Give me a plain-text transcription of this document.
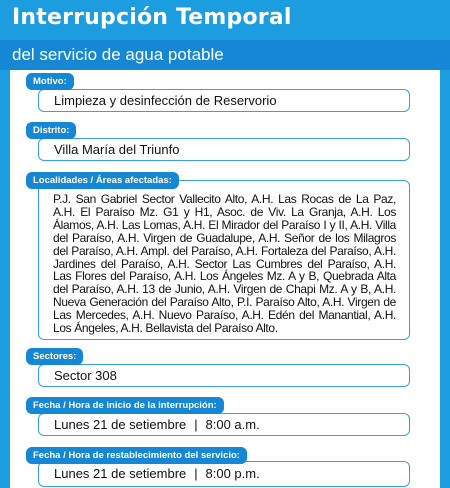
Interrupción Temporal
del servicio de agua potable
Motivo:
Limpieza y desinfección de Reservorio
Distrito:
Villa María del Triunfo
Localidades / Áreas afectadas:
P.J. San Gabriel Sector Vallecito Alto, A.H. Las Rocas de La Paz, A.H. El Paraíso Mz. G1 y H1, Asoc. de Viv. La Granja, A.H. Los Álamos, A.H. Las Lomas, A.H. El Mirador del Paraíso I y II, A.H. Villa del Paraíso, A.H. Virgen de Guadalupe, A.H. Señor de los Milagros del Paraíso, A.H. Ampl. del Paraíso, A.H. Fortaleza del Paraíso, A.H. Jardines del Paraíso, A.H. Sector Las Cumbres del Paraíso, A.H. Las Flores del Paraíso, A.H. Los Ángeles Mz. A y B, Quebrada Alta del Paraíso, A.H. 13 de Junio, A.H. Virgen de Chapi Mz. A y B, A.H. Nueva Generación del Paraíso Alto, P.I. Paraíso Alto, A.H. Virgen de Las Mercedes, A.H. Nuevo Paraíso, A.H. Edén del Manantial, A.H. Los Ángeles, A.H. Bellavista del Paraíso Alto.
Sectores:
Sector 308
Fecha / Hora de inicio de la interrupción:
Lunes 21 de setiembre | 8:00 a.m.
Fecha / Hora de restablecimiento del servicio:
Lunes 21 de setiembre | 8:00 p.m.
